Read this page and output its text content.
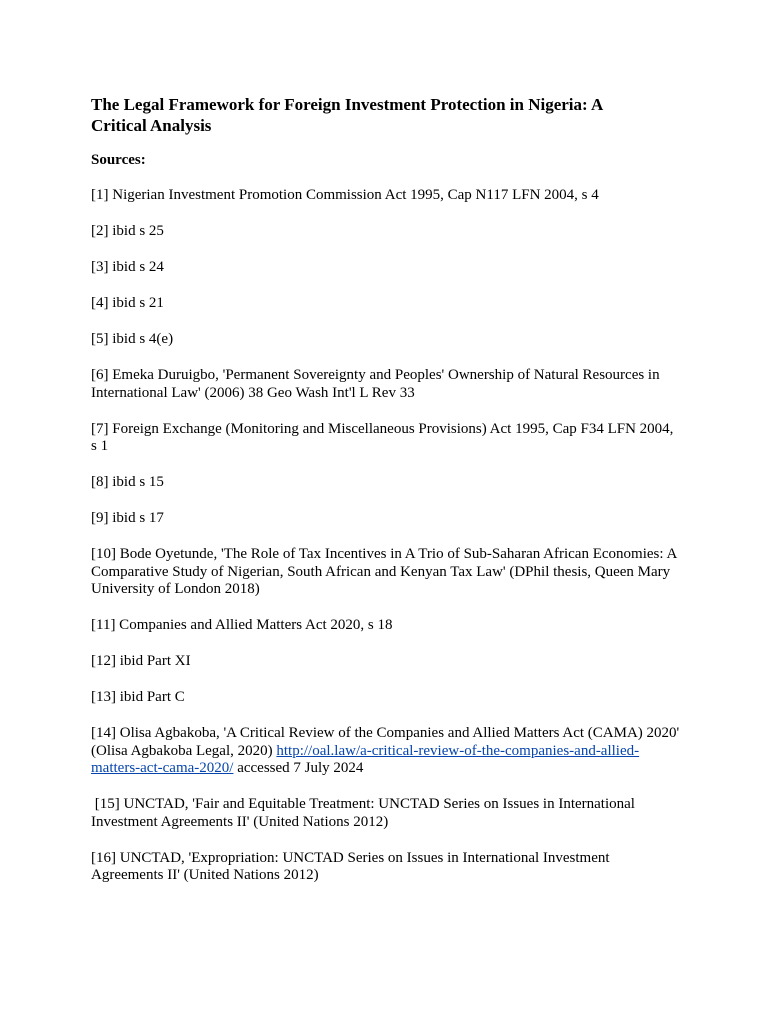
The Legal Framework for Foreign Investment Protection in Nigeria: A Critical Analysis

Sources:

[1] Nigerian Investment Promotion Commission Act 1995, Cap N117 LFN 2004, s 4
[2] ibid s 25
[3] ibid s 24
[4] ibid s 21
[5] ibid s 4(e)
[6] Emeka Duruigbo, 'Permanent Sovereignty and Peoples' Ownership of Natural Resources in International Law' (2006) 38 Geo Wash Int'l L Rev 33
[7] Foreign Exchange (Monitoring and Miscellaneous Provisions) Act 1995, Cap F34 LFN 2004, s 1
[8] ibid s 15
[9] ibid s 17
[10] Bode Oyetunde, 'The Role of Tax Incentives in A Trio of Sub-Saharan African Economies: A Comparative Study of Nigerian, South African and Kenyan Tax Law' (DPhil thesis, Queen Mary University of London 2018)
[11] Companies and Allied Matters Act 2020, s 18
[12] ibid Part XI
[13] ibid Part C
[14] Olisa Agbakoba, 'A Critical Review of the Companies and Allied Matters Act (CAMA) 2020' (Olisa Agbakoba Legal, 2020) http://oal.law/a-critical-review-of-the-companies-and-allied-matters-act-cama-2020/ accessed 7 July 2024
[15] UNCTAD, 'Fair and Equitable Treatment: UNCTAD Series on Issues in International Investment Agreements II' (United Nations 2012)
[16] UNCTAD, 'Expropriation: UNCTAD Series on Issues in International Investment Agreements II' (United Nations 2012)
